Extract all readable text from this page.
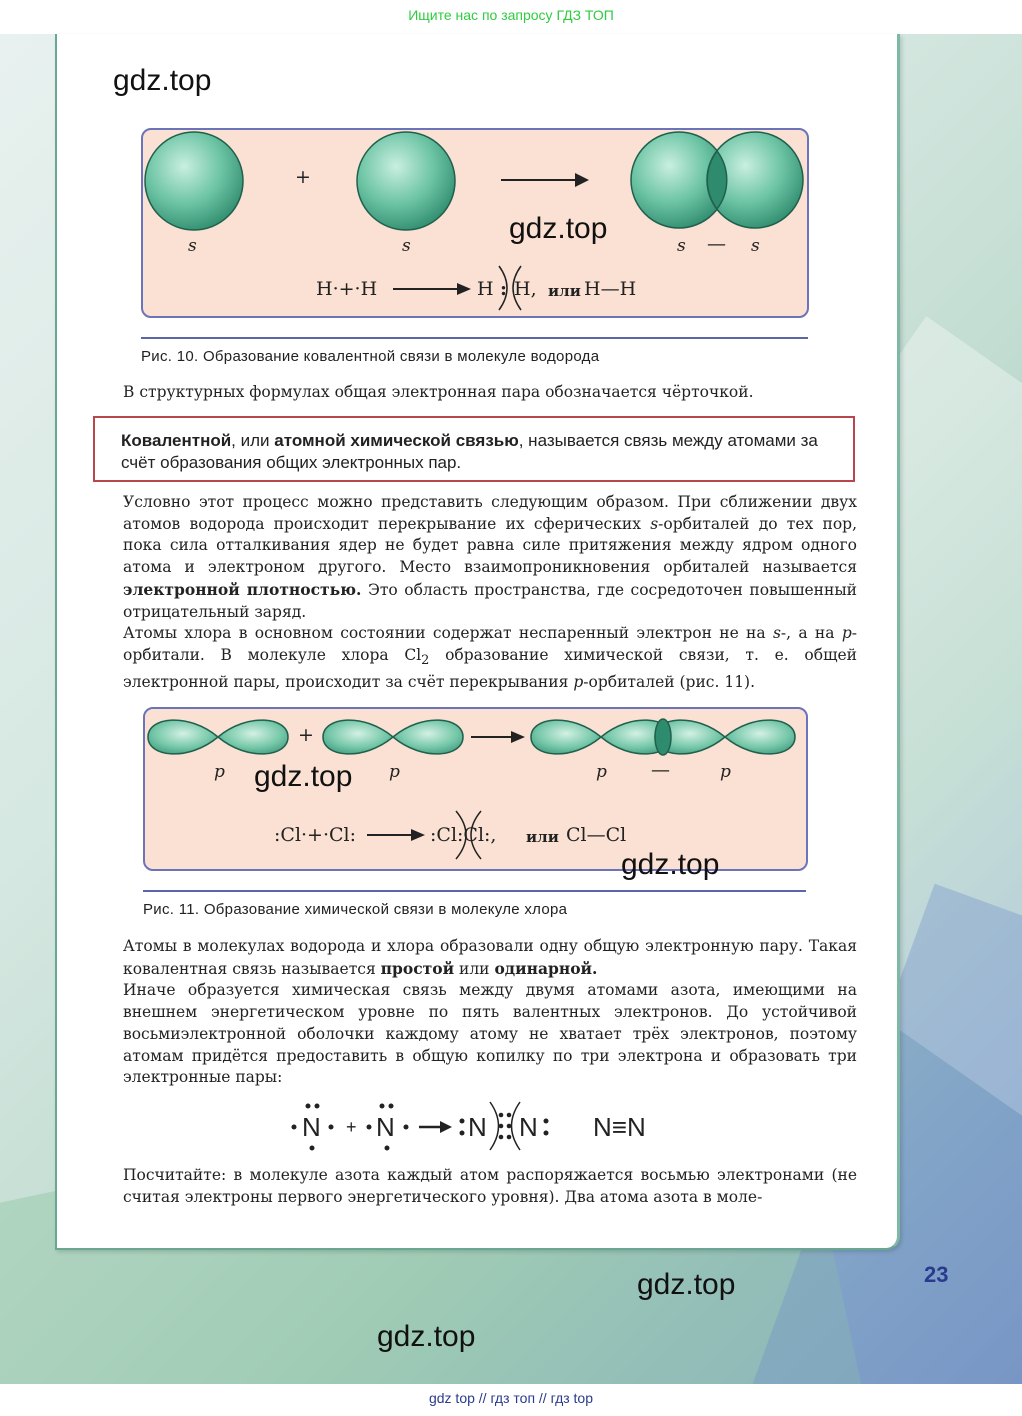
Ищите нас по запросу ГДЗ ТОП
+
s	s	s — s
H·+·H	H : H, или H—H
Рис. 10. Образование ковалентной связи в молекуле водорода
В структурных формулах общая электронная пара обозначается чёрточкой.
Ковалентной, или атомной химической связью, называется связь между атомами за счёт образования общих электронных пар.
Условно этот процесс можно представить следующим образом. При сближении двух атомов водорода происходит перекрывание их сферических s-орбиталей до тех пор, пока сила отталкивания ядер не будет равна силе притяжения между ядром одного атома и электроном другого. Место взаимопроникновения орбиталей называется электронной плотностью. Это область пространства, где сосредоточен повышенный отрицательный заряд.
Атомы хлора в основном состоянии содержат неспаренный электрон не на s-, а на p-орбитали. В молекуле хлора $Cl_2$ образование химической связи, т. е. общей электронной пары, происходит за счёт перекрывания p-орбиталей (рис. 11).
+
p	p	p —	p
:Cl·+·Cl:	:Cl:Cl:, или Cl—Cl
Рис. 11. Образование химической связи в молекуле хлора
Атомы в молекулах водорода и хлора образовали одну общую электронную пару. Такая ковалентная связь называется простой или одинарной.
Иначе образуется химическая связь между двумя атомами азота, имеющими на внешнем энергетическом уровне по пять валентных электронов. До устойчивой восьмиэлектронной оболочки каждому атому не хватает трёх электронов, поэтому атомам придётся предоставить в общую копилку по три электрона и образовать три электронные пары:
N + N	N N N≡N
Посчитайте: в молекуле азота каждый атом распоряжается восьмью электронами (не считая электроны первого энергетического уровня). Два атома азота в моле-
gdz.top
gdz.top
gdz.top
gdz.top
gdz.top
gdz.top
23
gdz top // гдз топ // гдз top
